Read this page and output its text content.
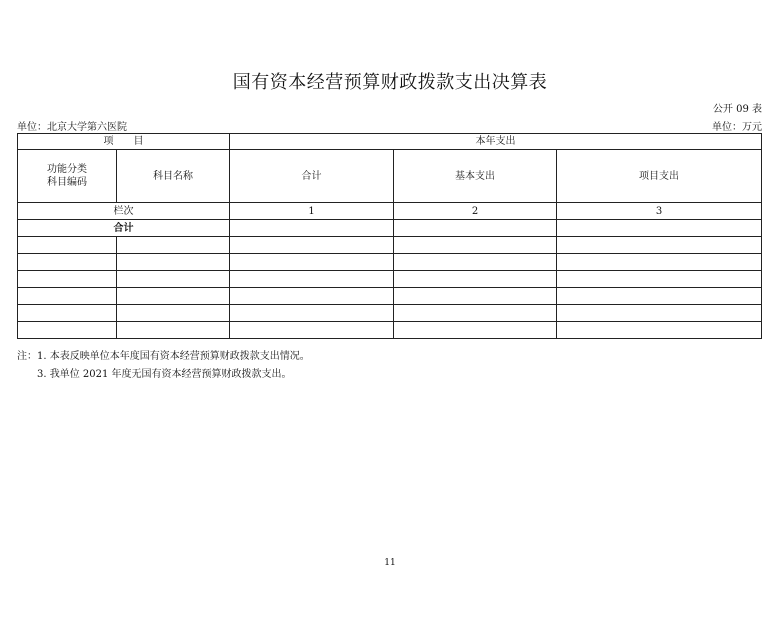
国有资本经营预算财政拨款支出决算表
公开 09 表
单位：北京大学第六医院	单位：万元
项　　目		本年支出		

功能分类
科目编码	科目名称	合计	基本支出	项目支出
栏次		1	2	3
合计				

注：1. 本表反映单位本年度国有资本经营预算财政拨款支出情况。
3. 我单位 2021 年度无国有资本经营预算财政拨款支出。
11
